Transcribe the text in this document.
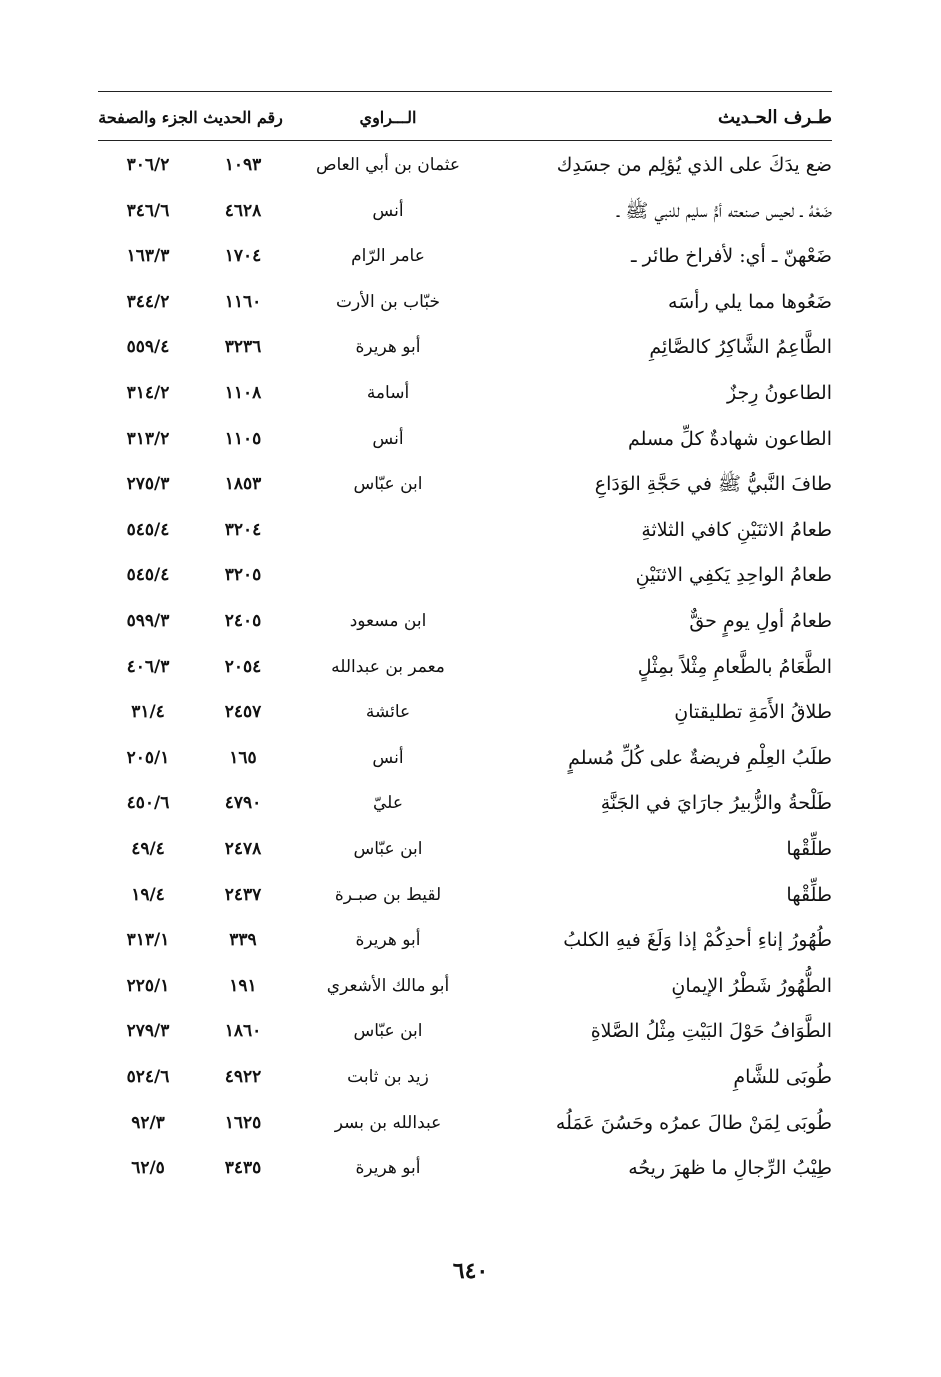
طـرف الحـديث
الـــراوي
رقم الحديث
الجزء والصفحة
ضع يدَكَ على الذي يُؤلِم من جسَدِك
عثمان بن أبي العاص
١٠٩٣
٣٠٦/٢
ضَعْهُ ـ لحيس صنعته أمُّ سليم للنبي ﷺ ـ
أنس
٤٦٢٨
٣٤٦/٦
ضَعْهنّ ـ أي: لأفراخ طائر ـ
عامر الرّام
١٧٠٤
١٦٣/٣
ضَعُوها مما يلي رأسَه
خبّاب بن الأرت
١١٦٠
٣٤٤/٢
الطَّاعِمُ الشَّاكِرُ كالصَّائِمِ
أبو هريرة
٣٢٣٦
٥٥٩/٤
الطاعونُ رِجزٌ
أسامة
١١٠٨
٣١٤/٢
الطاعون شهادةٌ كلِّ مسلم
أنس
١١٠٥
٣١٣/٢
طافَ النَّبيُّ ﷺ في حَجَّةِ الوَدَاعِ
ابن عبّاس
١٨٥٣
٢٧٥/٣
طعامُ الاثنَيْنِ كافي الثلاثةِ
٣٢٠٤
٥٤٥/٤
طعامُ الواحِدِ يَكفِي الاثنَيْنِ
٣٢٠٥
٥٤٥/٤
طعامُ أولِ يومٍ حقٌّ
ابن مسعود
٢٤٠٥
٥٩٩/٣
الطَّعَامُ بالطَّعامِ مِثْلاً بمِثْلٍ
معمر بن عبدالله
٢٠٥٤
٤٠٦/٣
طلاقُ الأَمَةِ تطليقتانِ
عائشة
٢٤٥٧
٣١/٤
طلَبُ العِلْمِ فريضةٌ على كُلِّ مُسلمٍ
أنس
١٦٥
٢٠٥/١
طَلْحةُ والزُّبيرُ جارَايَ في الجَنَّةِ
عليّ
٤٧٩٠
٤٥٠/٦
طلِّقْها
ابن عبّاس
٢٤٧٨
٤٩/٤
طلِّقْها
لقيط بن صبـرة
٢٤٣٧
١٩/٤
طُهُورُ إناءِ أحدِكُمْ إذا وَلَغَ فيهِ الكلبُ
أبو هريرة
٣٣٩
٣١٣/١
الطُّهُورُ شَطْرُ الإيمانِ
أبو مالك الأشعري
١٩١
٢٢٥/١
الطَّوَافُ حَوْلَ البَيْتِ مِثْلُ الصَّلاةِ
ابن عبّاس
١٨٦٠
٢٧٩/٣
طُوبَى للشَّامِ
زيد بن ثابت
٤٩٢٢
٥٢٤/٦
طُوبَى لِمَنْ طالَ عمرُه وحَسُنَ عَمَلُه
عبدالله بن بسر
١٦٢٥
٩٢/٣
طِيْبُ الرِّجالِ ما ظهرَ ريحُه
أبو هريرة
٣٤٣٥
٦٢/٥
٦٤٠
